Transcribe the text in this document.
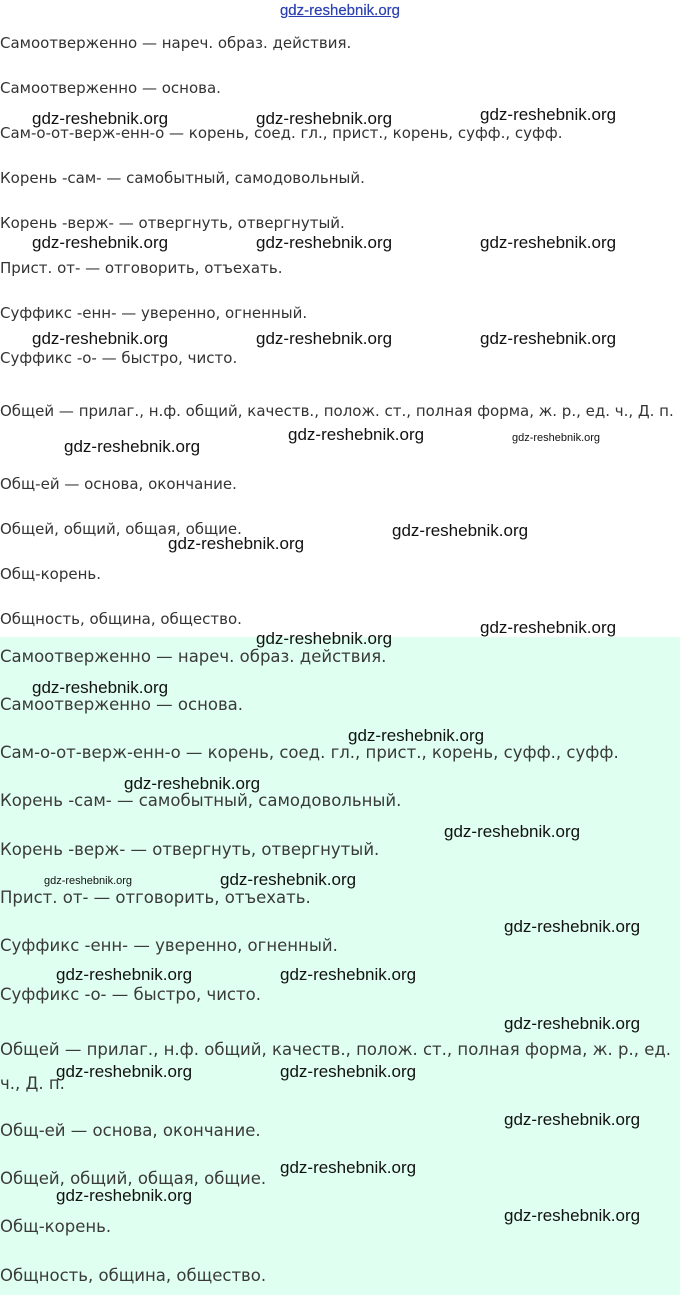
gdz-reshebnik.org
Самоотверженно — нареч. образ. действия.
Самоотверженно — основа.
Сам-о-от-верж-енн-о — корень, соед. гл., прист., корень, суфф., суфф.
Корень -сам- — самобытный, самодовольный.
Корень -верж- — отвергнуть, отвергнутый.
Прист. от- — отговорить, отъехать.
Суффикс -енн- — уверенно, огненный.
Суффикс -о- — быстро, чисто.
Общей — прилаг., н.ф. общий, качеств., полож. ст., полная форма, ж. р., ед. ч., Д. п.
Общ-ей — основа, окончание.
Общей, общий, общая, общие.
Общ-корень.
Общность, община, общество.
Самоотверженно — нареч. образ. действия.
Самоотверженно — основа.
Сам-о-от-верж-енн-о — корень, соед. гл., прист., корень, суфф., суфф.
Корень -сам- — самобытный, самодовольный.
Корень -верж- — отвергнуть, отвергнутый.
Прист. от- — отговорить, отъехать.
Суффикс -енн- — уверенно, огненный.
Суффикс -о- — быстро, чисто.
Общей — прилаг., н.ф. общий, качеств., полож. ст., полная форма, ж. р., ед. ч., Д. п.
Общ-ей — основа, окончание.
Общей, общий, общая, общие.
Общ-корень.
Общность, община, общество.
gdz-reshebnik.org	gdz-reshebnik.org	gdz-reshebnik.org
gdz-reshebnik.org	gdz-reshebnik.org	gdz-reshebnik.org
gdz-reshebnik.org	gdz-reshebnik.org	gdz-reshebnik.org
gdz-reshebnik.org
gdz-reshebnik.org	gdz-reshebnik.org
gdz-reshebnik.org
gdz-reshebnik.org
gdz-reshebnik.org
gdz-reshebnik.org
gdz-reshebnik.org
gdz-reshebnik.org
gdz-reshebnik.org
gdz-reshebnik.org
gdz-reshebnik.org	gdz-reshebnik.org
gdz-reshebnik.org
gdz-reshebnik.org	gdz-reshebnik.org
gdz-reshebnik.org
gdz-reshebnik.org	gdz-reshebnik.org
gdz-reshebnik.org
gdz-reshebnik.org
gdz-reshebnik.org
gdz-reshebnik.org
